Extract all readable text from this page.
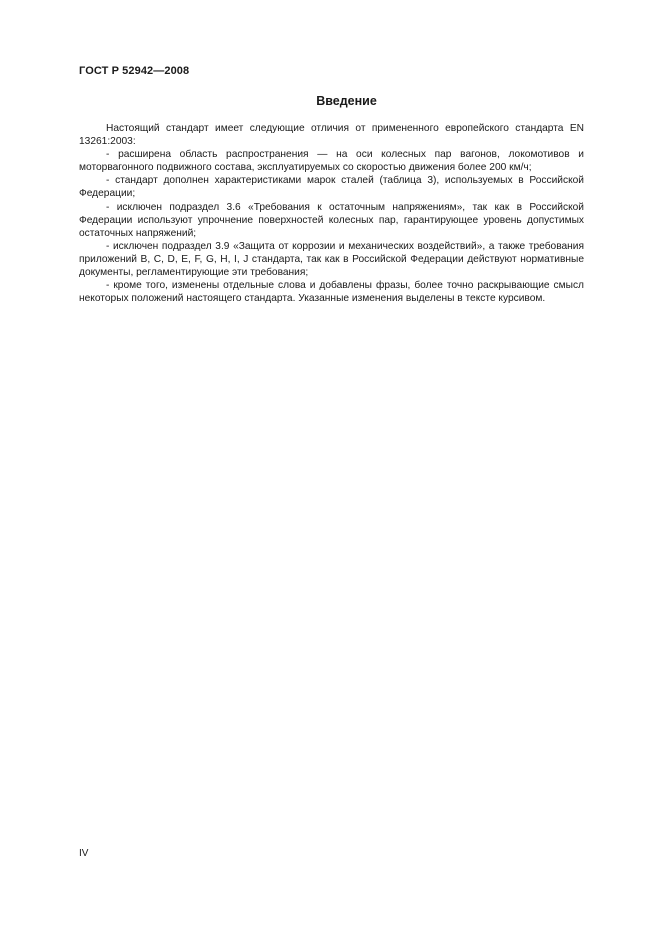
ГОСТ Р 52942—2008
Введение

Настоящий стандарт имеет следующие отличия от примененного европейского стандарта EN 13261:2003:

- расширена область распространения — на оси колесных пар вагонов, локомотивов и моторвагонного подвижного состава, эксплуатируемых со скоростью движения более 200 км/ч;

- стандарт дополнен характеристиками марок сталей (таблица 3), используемых в Российской Федерации;

- исключен подраздел 3.6 «Требования к остаточным напряжениям», так как в Российской Федерации используют упрочнение поверхностей колесных пар, гарантирующее уровень допустимых остаточных напряжений;

- исключен подраздел 3.9 «Защита от коррозии и механических воздействий», а также требования приложений B, C, D, E, F, G, H, I, J стандарта, так как в Российской Федерации действуют нормативные документы, регламентирующие эти требования;

- кроме того, изменены отдельные слова и добавлены фразы, более точно раскрывающие смысл некоторых положений настоящего стандарта. Указанные изменения выделены в тексте курсивом.

IV
